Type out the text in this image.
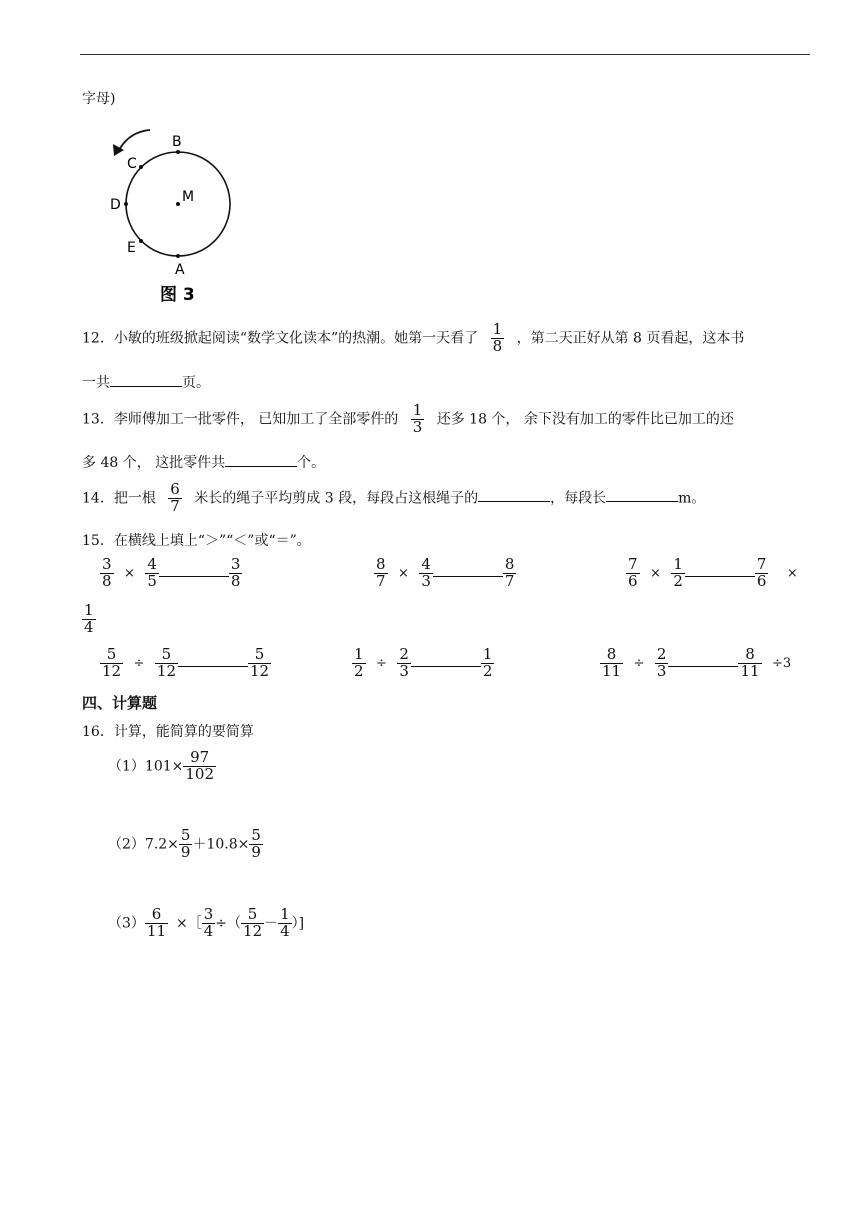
字母)
B
C
D	M
E
A
图 3
12．小敏的班级掀起阅读“数学文化读本”的热潮。她第一天看了 $\frac{1}{8}$ ，第二天正好从第 8 页看起，这本书
一共	页。
13．李师傅加工一批零件， 已知加工了全部零件的 $\frac{1}{3}$ 还多 18 个， 余下没有加工的零件比已加工的还
多 48 个， 这批零件共	个。
14．把一根 $\frac{6}{7}$ 米长的绳子平均剪成 3 段，每段占这根绳子的	，每段长	m。
15．在横线上填上“＞”“＜”或“＝”。
$\frac{3}{8} \times \frac{4}{5}$	$\frac{3}{8}$	$\frac{8}{7} \times \frac{4}{3}$	$\frac{8}{7}$	$\frac{7}{6} \times \frac{1}{2}$	$\frac{7}{6}$ ×
$\frac{1}{4}$
$\frac{5}{12} \div \frac{5}{12}$	$\frac{5}{12}$	$\frac{1}{2} \div \frac{2}{3}$	$\frac{1}{2}$	$\frac{8}{11} \div \frac{2}{3}$	$\frac{8}{11} \div 3$
四、计算题
16．计算，能简算的要简算
$(1)101\times \frac{97}{102}$
$(2)7.2\times \frac{5}{9} +10.8\times \frac{5}{9}$
$(3) \frac{6}{11}$ ×［ $\frac{3}{4}$ ÷（ $\frac{5}{12} - \frac{1}{4}$ ）]
